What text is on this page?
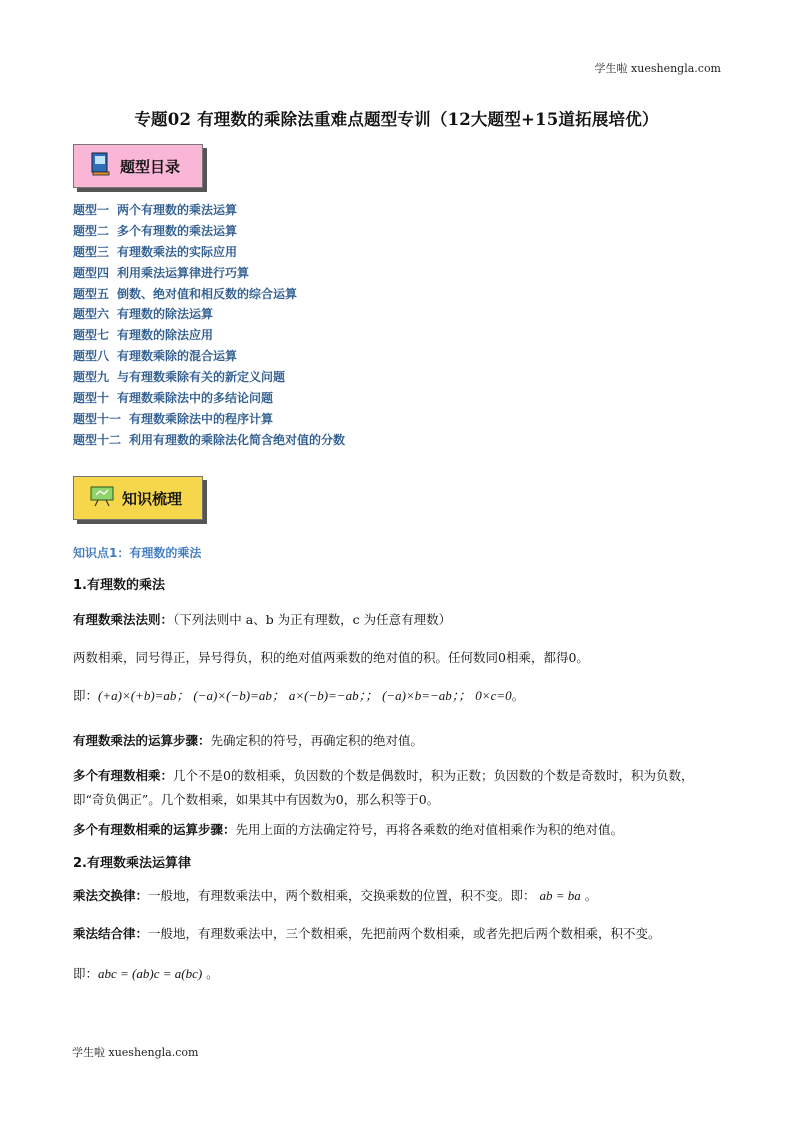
学生啦 xueshengla.com
专题02 有理数的乘除法重难点题型专训（12大题型+15道拓展培优）
题型目录
题型一 两个有理数的乘法运算
题型二 多个有理数的乘法运算
题型三 有理数乘法的实际应用
题型四 利用乘法运算律进行巧算
题型五 倒数、绝对值和相反数的综合运算
题型六 有理数的除法运算
题型七 有理数的除法应用
题型八 有理数乘除的混合运算
题型九 与有理数乘除有关的新定义问题
题型十 有理数乘除法中的多结论问题
题型十一 有理数乘除法中的程序计算
题型十二 利用有理数的乘除法化简含绝对值的分数
知识梳理
知识点1：有理数的乘法
1.有理数的乘法
有理数乘法法则：（下列法则中 a、b 为正有理数，c 为任意有理数）
两数相乘，同号得正，异号得负，积的绝对值两乘数的绝对值的积。任何数同0相乘，都得0。
即：(+a)×(+b)=ab； (−a)×(−b)=ab； a×(−b)=−ab；； (−a)×b=−ab；； 0×c=0。
有理数乘法的运算步骤：先确定积的符号，再确定积的绝对值。
多个有理数相乘：几个不是0的数相乘，负因数的个数是偶数时，积为正数；负因数的个数是奇数时，积为负数，即“奇负偶正”。几个数相乘，如果其中有因数为0，那么积等于0。
多个有理数相乘的运算步骤：先用上面的方法确定符号，再将各乘数的绝对值相乘作为积的绝对值。
2.有理数乘法运算律
乘法交换律：一般地，有理数乘法中，两个数相乘，交换乘数的位置，积不变。即： ab = ba 。
乘法结合律：一般地，有理数乘法中，三个数相乘，先把前两个数相乘，或者先把后两个数相乘，积不变。
即：abc = (ab)c = a(bc) 。
学生啦 xueshengla.com
